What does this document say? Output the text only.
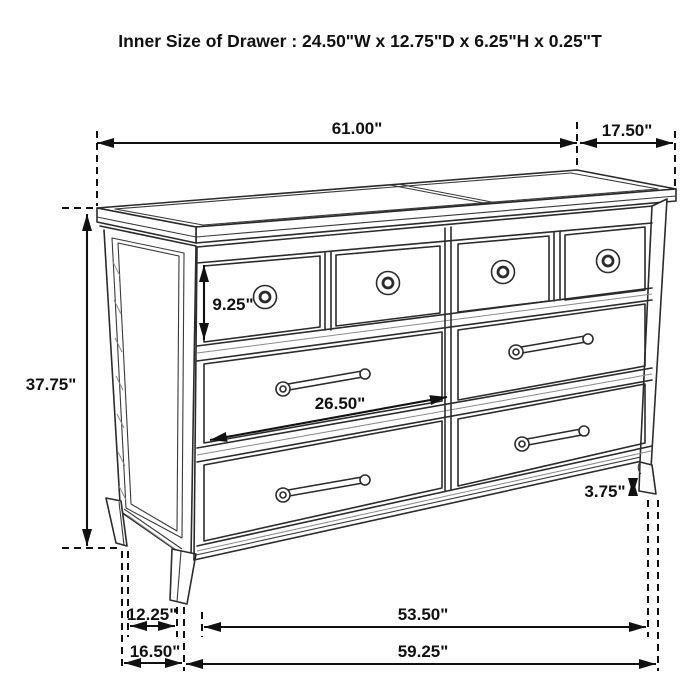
61.00"	17.50"
37.75"
9.25"
26.50"
3.75"
12.25"	53.50"
16.50"	59.25"
Inner Size of Drawer : 24.50"W x 12.75"D x 6.25"H x 0.25"T
